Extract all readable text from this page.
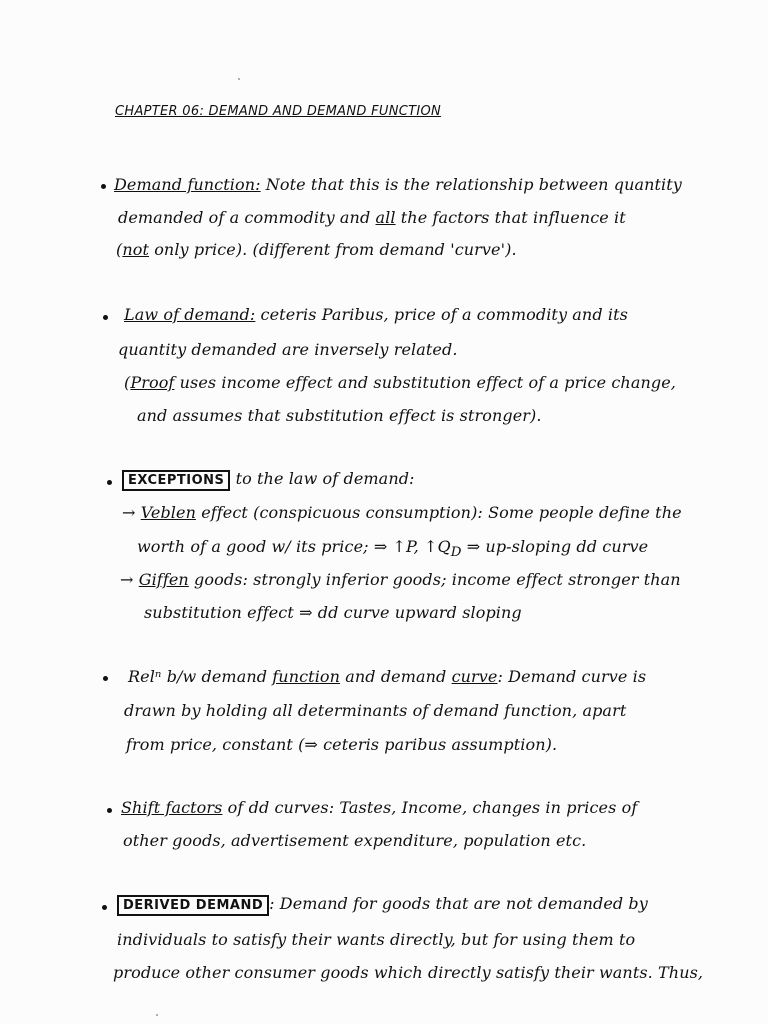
CHAPTER 06: DEMAND AND DEMAND FUNCTION
Demand function: Note that this is the relationship between quantity
demanded of a commodity and all the factors that influence it
(not only price). (different from demand 'curve').
Law of demand: ceteris Paribus, price of a commodity and its
quantity demanded are inversely related.
(Proof uses income effect and substitution effect of a price change,
and assumes that substitution effect is stronger).
EXCEPTIONS to the law of demand:
→ Veblen effect (conspicuous consumption): Some people define the
worth of a good w/ its price; ⇒ ↑P, $↑Q_D$ ⇒ up-sloping dd curve
→ Giffen goods: strongly inferior goods; income effect stronger than
substitution effect ⇒ dd curve upward sloping
Relⁿ b/w demand function and demand curve: Demand curve is
drawn by holding all determinants of demand function, apart
from price, constant (⇒ ceteris paribus assumption).
Shift factors of dd curves: Tastes, Income, changes in prices of
other goods, advertisement expenditure, population etc.
DERIVED DEMAND : Demand for goods that are not demanded by
individuals to satisfy their wants directly, but for using them to
produce other consumer goods which directly satisfy their wants. Thus,
